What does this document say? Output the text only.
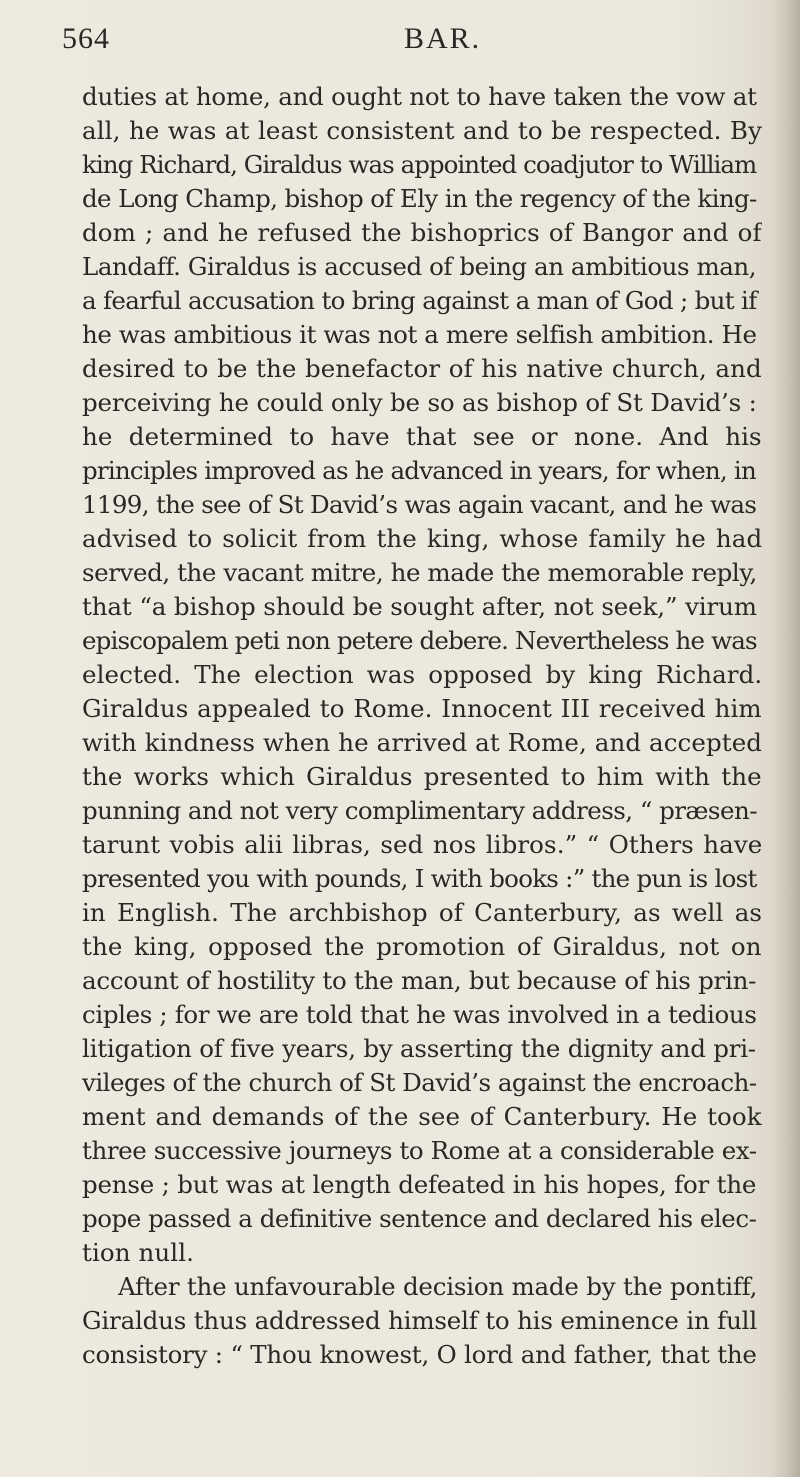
564	BAR.
duties at home, and ought not to have taken the vow at
all, he was at least consistent and to be respected. By
king Richard, Giraldus was appointed coadjutor to William
de Long Champ, bishop of Ely in the regency of the king-
dom ; and he refused the bishoprics of Bangor and of
Landaff. Giraldus is accused of being an ambitious man,
a fearful accusation to bring against a man of God ; but if
he was ambitious it was not a mere selfish ambition. He
desired to be the benefactor of his native church, and
perceiving he could only be so as bishop of St David’s :
he determined to have that see or none. And his
principles improved as he advanced in years, for when, in
1199, the see of St David’s was again vacant, and he was
advised to solicit from the king, whose family he had
served, the vacant mitre, he made the memorable reply,
that “a bishop should be sought after, not seek,” virum
episcopalem peti non petere debere. Nevertheless he was
elected. The election was opposed by king Richard.
Giraldus appealed to Rome. Innocent III received him
with kindness when he arrived at Rome, and accepted
the works which Giraldus presented to him with the
punning and not very complimentary address, “ præsen-
tarunt vobis alii libras, sed nos libros.” “ Others have
presented you with pounds, I with books :” the pun is lost
in English. The archbishop of Canterbury, as well as
the king, opposed the promotion of Giraldus, not on
account of hostility to the man, but because of his prin-
ciples ; for we are told that he was involved in a tedious
litigation of five years, by asserting the dignity and pri-
vileges of the church of St David’s against the encroach-
ment and demands of the see of Canterbury. He took
three successive journeys to Rome at a considerable ex-
pense ; but was at length defeated in his hopes, for the
pope passed a definitive sentence and declared his elec-
tion null.
After the unfavourable decision made by the pontiff,
Giraldus thus addressed himself to his eminence in full
consistory : “ Thou knowest, O lord and father, that the
